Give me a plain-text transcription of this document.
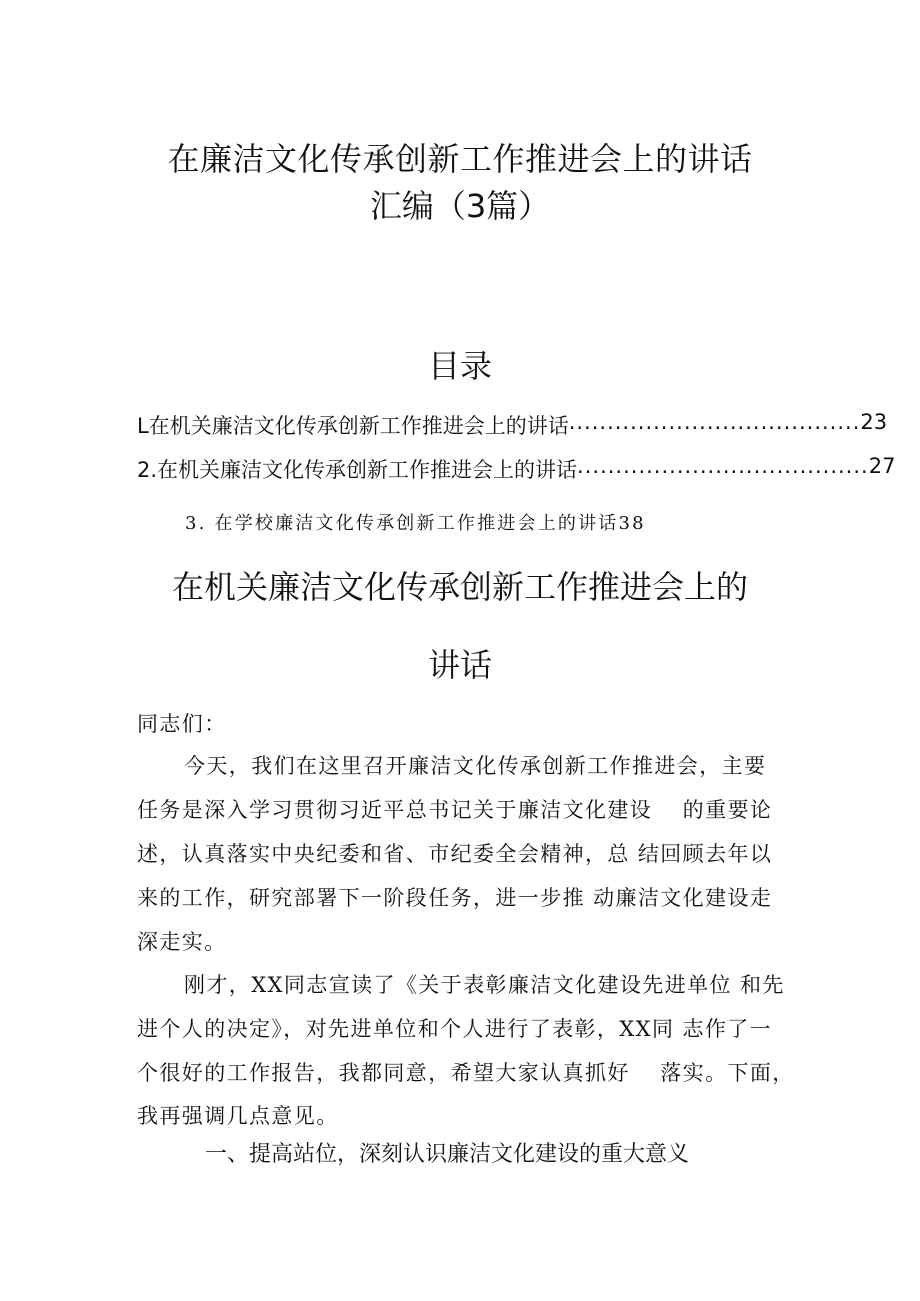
在廉洁文化传承创新工作推进会上的讲话
汇编（3篇）
目录
L在机关廉洁文化传承创新工作推进会上的讲话 ...................................... 23
2.在机关廉洁文化传承创新工作推进会上的讲话 ...................................... 27
3. 在学校廉洁文化传承创新工作推进会上的讲话38
在机关廉洁文化传承创新工作推进会上的
讲话
同志们：
今天，我们在这里召开廉洁文化传承创新工作推进会，主要
任务是深入学习贯彻习近平总书记关于廉洁文化建设　 的重要论
述，认真落实中央纪委和省、市纪委全会精神，总 结回顾去年以
来的工作，研究部署下一阶段任务，进一步推 动廉洁文化建设走
深走实。
刚才，XX同志宣读了《关于表彰廉洁文化建设先进单位 和先
进个人的决定》，对先进单位和个人进行了表彰，XX同 志作了一
个很好的工作报告，我都同意，希望大家认真抓好　 落实。下面，
我再强调几点意见。
一、提高站位，深刻认识廉洁文化建设的重大意义
